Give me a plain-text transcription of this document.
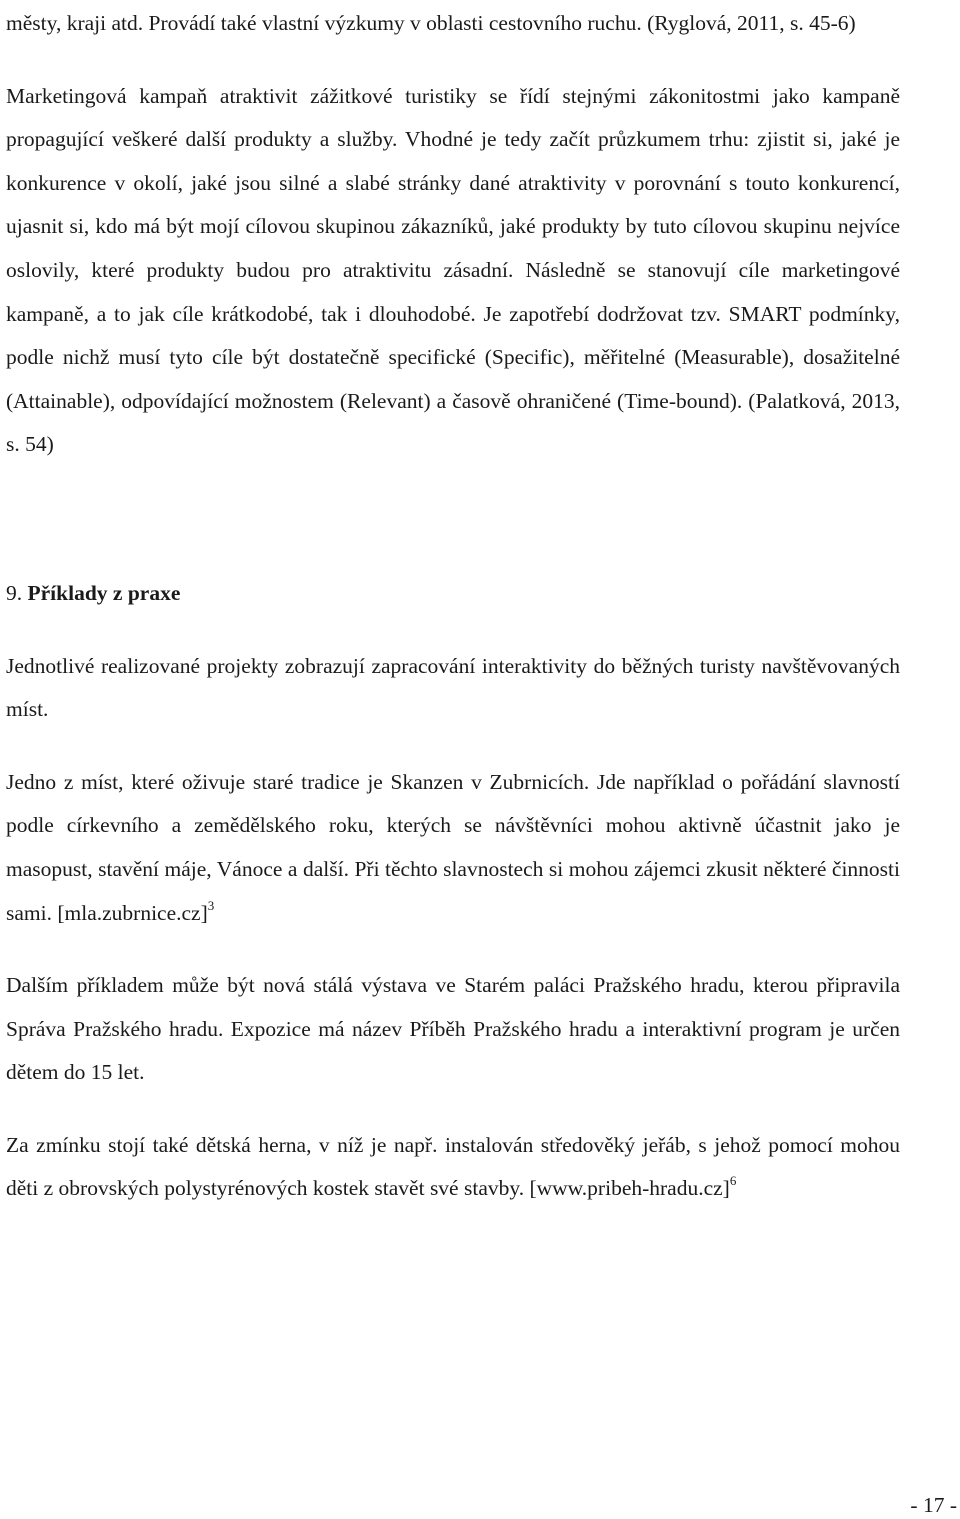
městy, kraji atd. Provádí také vlastní výzkumy v oblasti cestovního ruchu. (Ryglová, 2011, s. 45-6)

Marketingová kampaň atraktivit zážitkové turistiky se řídí stejnými zákonitostmi jako kampaně propagující veškeré další produkty a služby. Vhodné je tedy začít průzkumem trhu: zjistit si, jaké je konkurence v okolí, jaké jsou silné a slabé stránky dané atraktivity v porovnání s touto konkurencí, ujasnit si, kdo má být mojí cílovou skupinou zákazníků, jaké produkty by tuto cílovou skupinu nejvíce oslovily, které produkty budou pro atraktivitu zásadní. Následně se stanovují cíle marketingové kampaně, a to jak cíle krátkodobé, tak i dlouhodobé. Je zapotřebí dodržovat tzv. SMART podmínky, podle nichž musí tyto cíle být dostatečně specifické (Specific), měřitelné (Measurable), dosažitelné (Attainable), odpovídající možnostem (Relevant) a časově ohraničené (Time-bound). (Palatková, 2013, s. 54)

9. Příklady z praxe

Jednotlivé realizované projekty zobrazují zapracování interaktivity do běžných turisty navštěvovaných míst.

Jedno z míst, které oživuje staré tradice je Skanzen v Zubrnicích. Jde například o pořádání slavností podle církevního a zemědělského roku, kterých se návštěvníci mohou aktivně účastnit jako je masopust, stavění máje, Vánoce a další. Při těchto slavnostech si mohou zájemci zkusit některé činnosti sami. [mla.zubrnice.cz]$^3$

Dalším příkladem může být nová stálá výstava ve Starém paláci Pražského hradu, kterou připravila Správa Pražského hradu. Expozice má název Příběh Pražského hradu a interaktivní program je určen dětem do 15 let.

Za zmínku stojí také dětská herna, v níž je např. instalován středověký jeřáb, s jehož pomocí mohou děti z obrovských polystyrénových kostek stavět své stavby. [www.pribeh-hradu.cz]$^6$

- 17 -
